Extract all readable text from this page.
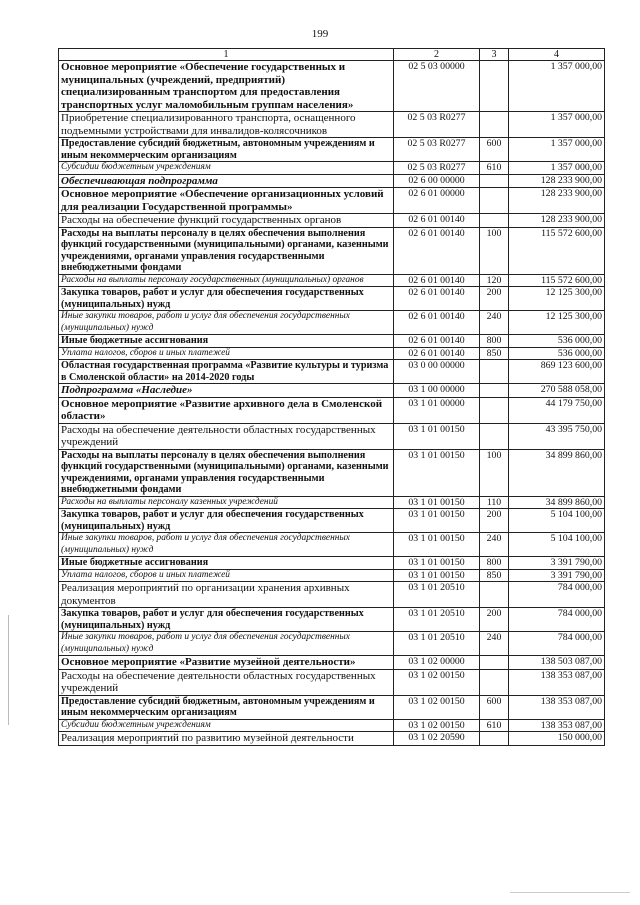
199
1	2	3	4
Основное мероприятие «Обеспечение государственных и муниципальных (учреждений, предприятий) специализированным транспортом для предоставления транспортных услуг маломобильным группам населения»	02 5 03 00000		1 357 000,00
Приобретение специализированного транспорта, оснащенного подъемными устройствами для инвалидов-колясочников	02 5 03 R0277		1 357 000,00
Предоставление субсидий бюджетным, автономным учреждениям и иным некоммерческим организациям	02 5 03 R0277	600	1 357 000,00
Субсидии бюджетным учреждениям	02 5 03 R0277	610	1 357 000,00
Обеспечивающая подпрограмма	02 6 00 00000		128 233 900,00
Основное мероприятие «Обеспечение организационных условий для реализации Государственной программы»	02 6 01 00000		128 233 900,00
Расходы на обеспечение функций государственных органов	02 6 01 00140		128 233 900,00
Расходы на выплаты персоналу в целях обеспечения выполнения функций государственными (муниципальными) органами, казенными учреждениями, органами управления государственными внебюджетными фондами	02 6 01 00140	100	115 572 600,00
Расходы на выплаты персоналу государственных (муниципальных) органов	02 6 01 00140	120	115 572 600,00
Закупка товаров, работ и услуг для обеспечения государственных (муниципальных) нужд	02 6 01 00140	200	12 125 300,00
Иные закупки товаров, работ и услуг для обеспечения государственных (муниципальных) нужд	02 6 01 00140	240	12 125 300,00
Иные бюджетные ассигнования	02 6 01 00140	800	536 000,00
Уплата налогов, сборов и иных платежей	02 6 01 00140	850	536 000,00
Областная государственная программа «Развитие культуры и туризма в Смоленской области» на 2014-2020 годы	03 0 00 00000		869 123 600,00
Подпрограмма «Наследие»	03 1 00 00000		270 588 058,00
Основное мероприятие «Развитие архивного дела в Смоленской области»	03 1 01 00000		44 179 750,00
Расходы на обеспечение деятельности областных государственных учреждений	03 1 01 00150		43 395 750,00
Расходы на выплаты персоналу в целях обеспечения выполнения функций государственными (муниципальными) органами, казенными учреждениями, органами управления государственными внебюджетными фондами	03 1 01 00150	100	34 899 860,00
Расходы на выплаты персоналу казенных учреждений	03 1 01 00150	110	34 899 860,00
Закупка товаров, работ и услуг для обеспечения государственных (муниципальных) нужд	03 1 01 00150	200	5 104 100,00
Иные закупки товаров, работ и услуг для обеспечения государственных (муниципальных) нужд	03 1 01 00150	240	5 104 100,00
Иные бюджетные ассигнования	03 1 01 00150	800	3 391 790,00
Уплата налогов, сборов и иных платежей	03 1 01 00150	850	3 391 790,00
Реализация мероприятий по организации хранения архивных документов	03 1 01 20510		784 000,00
Закупка товаров, работ и услуг для обеспечения государственных (муниципальных) нужд	03 1 01 20510	200	784 000,00
Иные закупки товаров, работ и услуг для обеспечения государственных (муниципальных) нужд	03 1 01 20510	240	784 000,00
Основное мероприятие «Развитие музейной деятельности»	03 1 02 00000		138 503 087,00
Расходы на обеспечение деятельности областных государственных учреждений	03 1 02 00150		138 353 087,00
Предоставление субсидий бюджетным, автономным учреждениям и иным некоммерческим организациям	03 1 02 00150	600	138 353 087,00
Субсидии бюджетным учреждениям	03 1 02 00150	610	138 353 087,00
Реализация мероприятий по развитию музейной деятельности	03 1 02 20590		150 000,00
